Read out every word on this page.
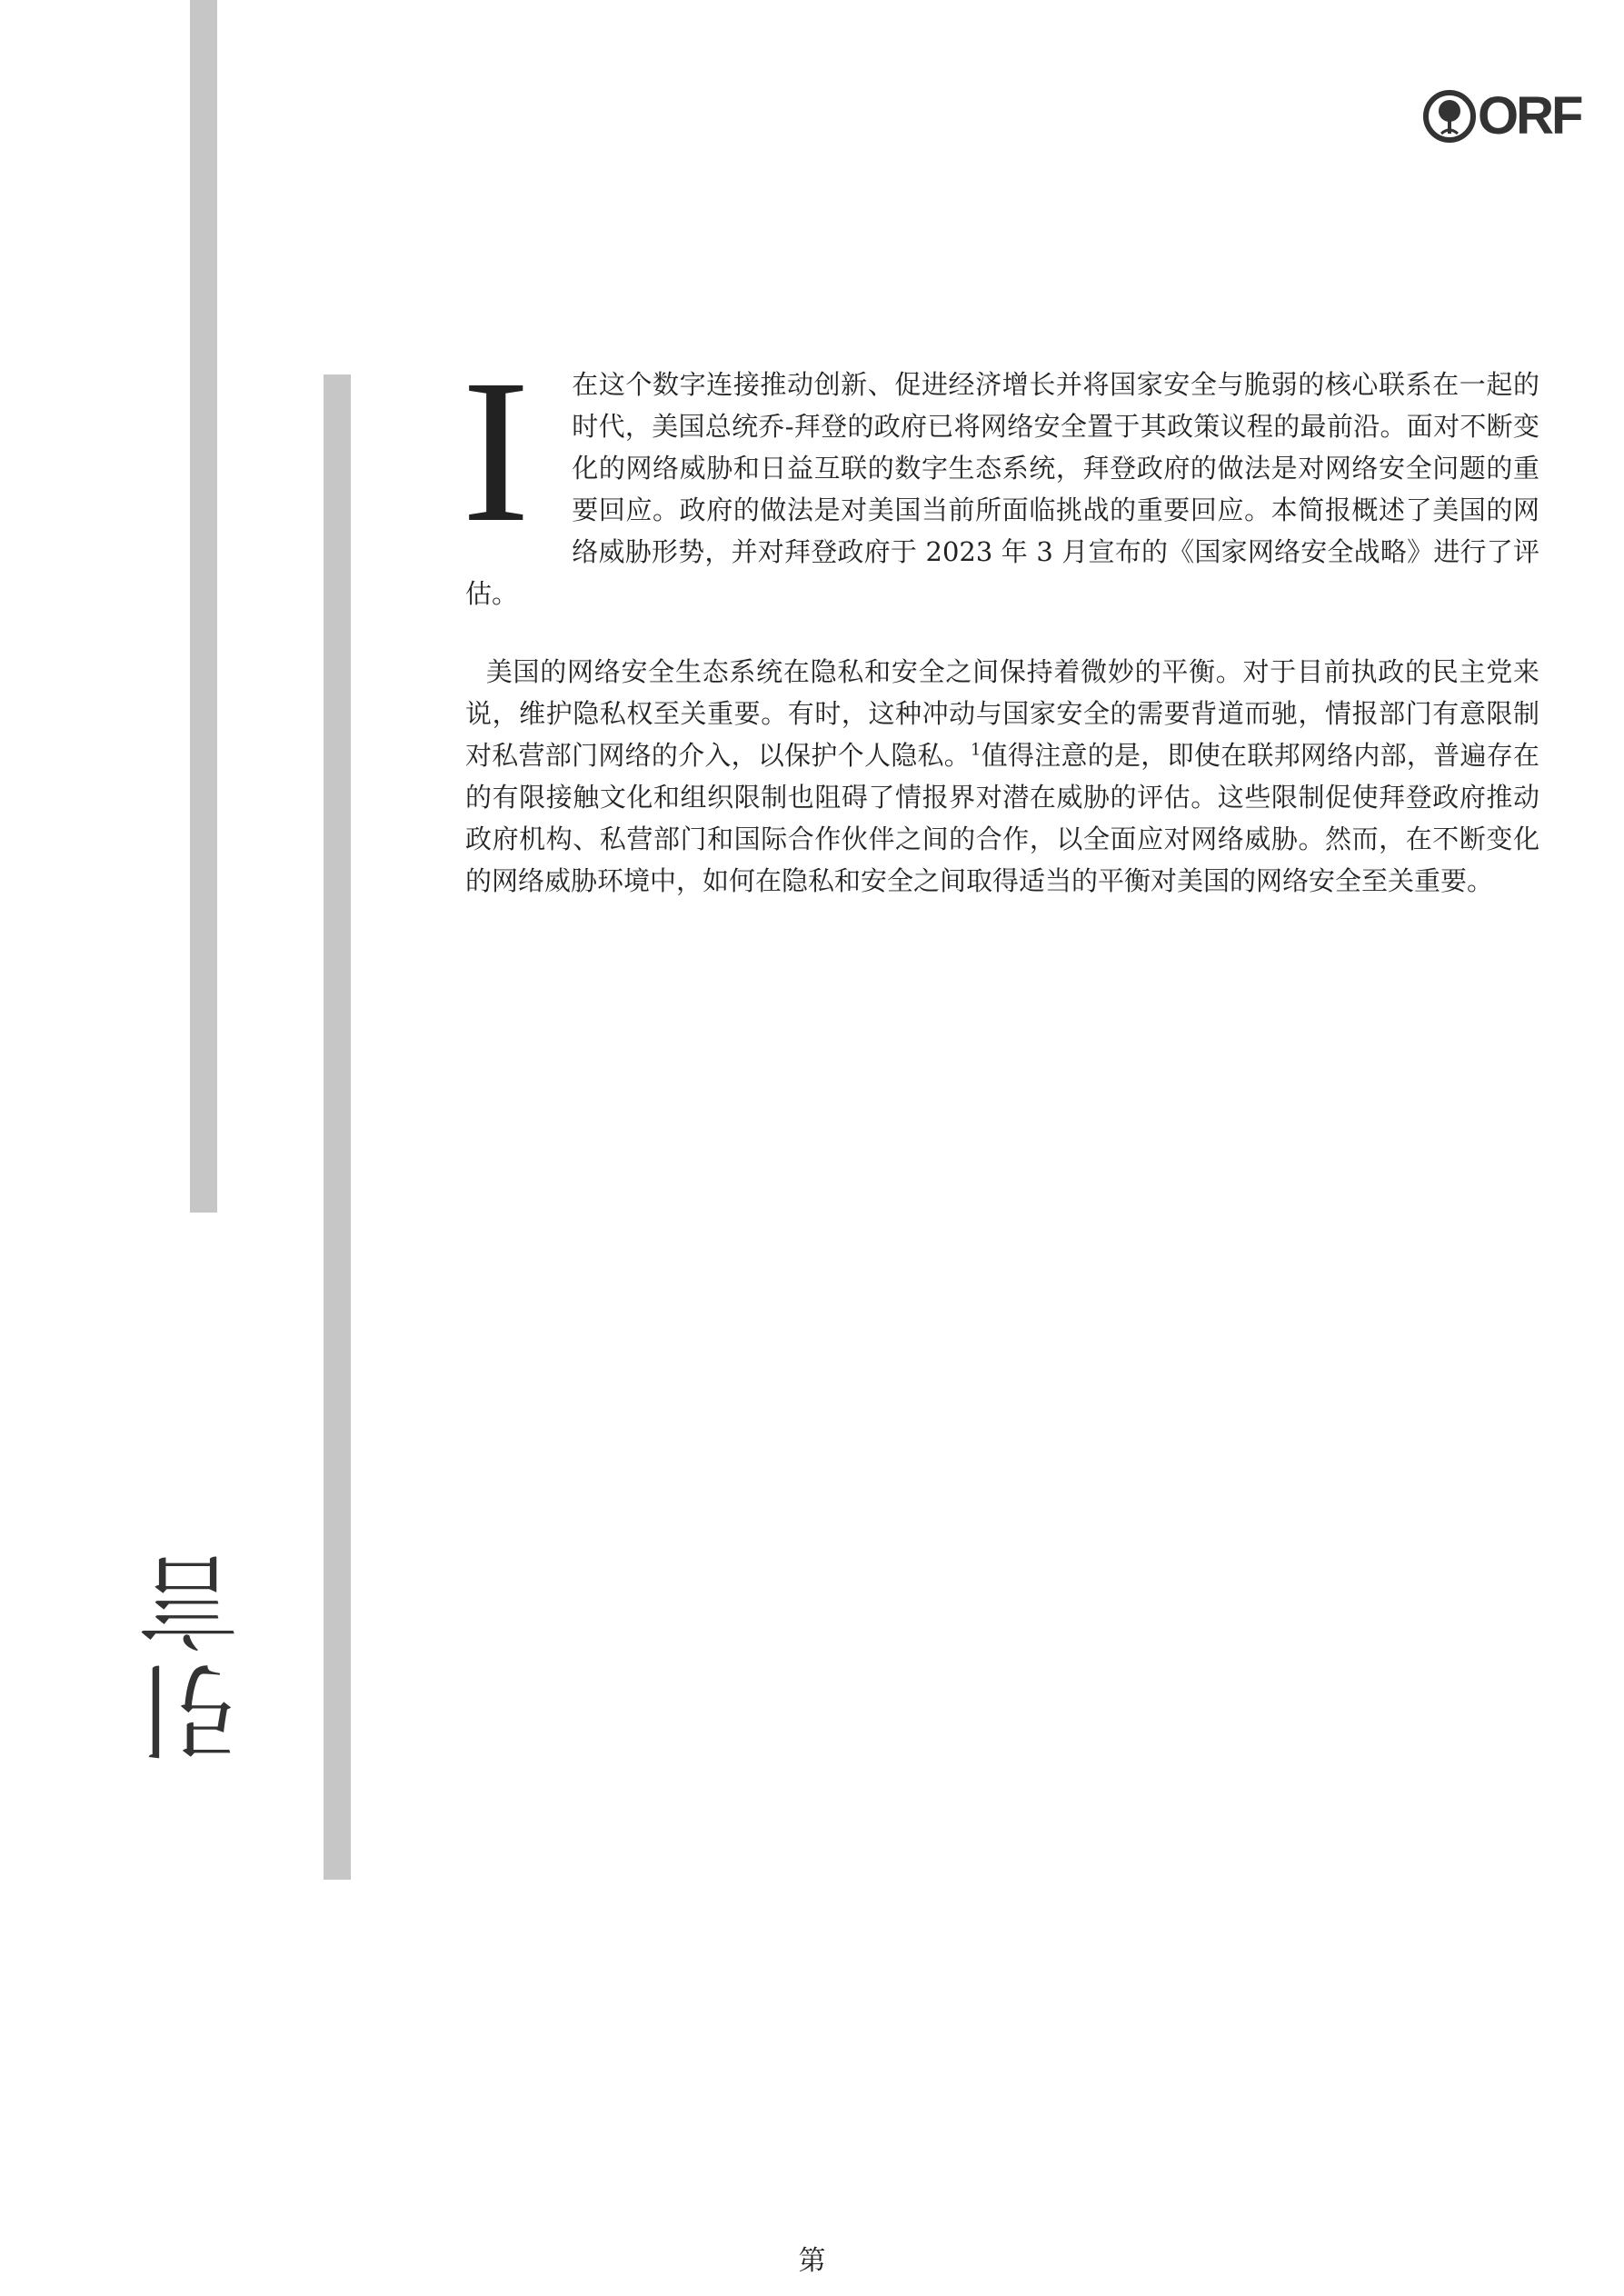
ORF
引言

I 在这个数字连接推动创新、促进经济增长并将国家安全与脆弱的核心联系在一起的时代，美国总统乔-拜登的政府已将网络安全置于其政策议程的最前沿。面对不断变化的网络威胁和日益互联的数字生态系统，拜登政府的做法是对网络安全问题的重要回应。政府的做法是对美国当前所面临挑战的重要回应。本简报概述了美国的网络威胁形势，并对拜登政府于 2023 年 3 月宣布的《国家网络安全战略》进行了评估。

美国的网络安全生态系统在隐私和安全之间保持着微妙的平衡。对于目前执政的民主党来说，维护隐私权至关重要。有时，这种冲动与国家安全的需要背道而驰，情报部门有意限制对私营部门网络的介入，以保护个人隐私。$^1$值得注意的是，即使在联邦网络内部，普遍存在的有限接触文化和组织限制也阻碍了情报界对潜在威胁的评估。这些限制促使拜登政府推动政府机构、私营部门和国际合作伙伴之间的合作，以全面应对网络威胁。然而，在不断变化的网络威胁环境中，如何在隐私和安全之间取得适当的平衡对美国的网络安全至关重要。

第
